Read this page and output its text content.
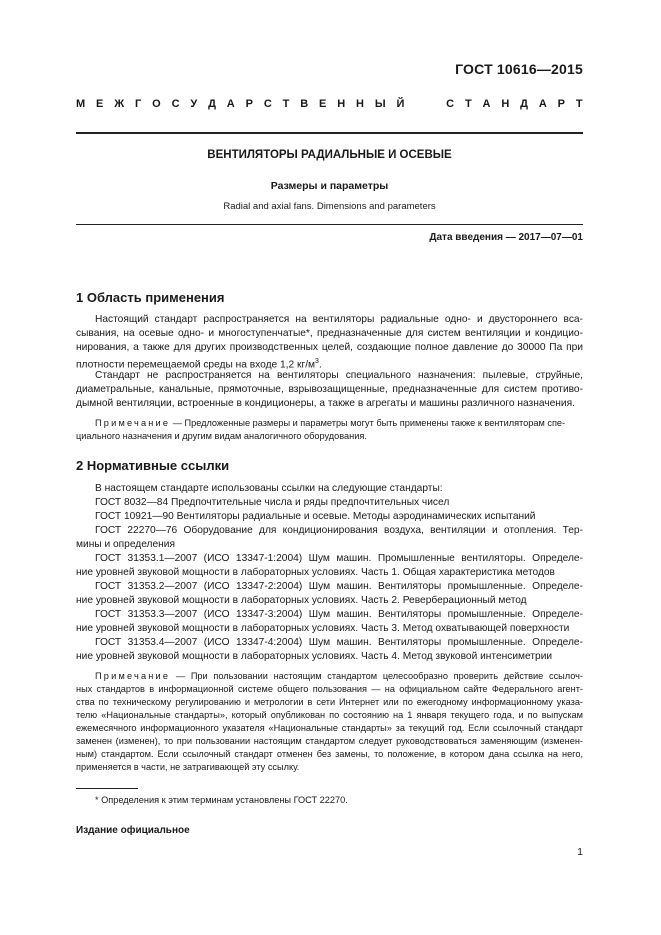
ГОСТ 10616—2015
М Е Ж Г О С У Д А Р С Т В Е Н Н Ы Й	С Т А Н Д А Р Т
ВЕНТИЛЯТОРЫ РАДИАЛЬНЫЕ И ОСЕВЫЕ
Размеры и параметры
Radial and axial fans. Dimensions and parameters
Дата введения — 2017—07—01
1 Область применения
Настоящий стандарт распространяется на вентиляторы радиальные одно- и двустороннего вса-
сывания, на осевые одно- и многоступенчатые*, предназначенные для систем вентиляции и кондицио-
нирования, а также для других производственных целей, создающие полное давление до 30000 Па при
плотности перемещаемой среды на входе 1,2 $кг/м^3$.
Стандарт не распространяется на вентиляторы специального назначения: пылевые, струйные,
диаметральные, канальные, прямоточные, взрывозащищенные, предназначенные для систем противо-
дымной вентиляции, встроенные в кондиционеры, а также в агрегаты и машины различного назначения.
Примечание — Предложенные размеры и параметры могут быть применены также к вентиляторам спе-
циального назначения и другим видам аналогичного оборудования.
2 Нормативные ссылки
В настоящем стандарте использованы ссылки на следующие стандарты:
ГОСТ 8032—84 Предпочтительные числа и ряды предпочтительных чисел
ГОСТ 10921—90 Вентиляторы радиальные и осевые. Методы аэродинамических испытаний
ГОСТ 22270—76 Оборудование для кондиционирования воздуха, вентиляции и отопления. Тер-
мины и определения
ГОСТ 31353.1—2007 (ИСО 13347-1:2004) Шум машин. Промышленные вентиляторы. Определе-
ние уровней звуковой мощности в лабораторных условиях. Часть 1. Общая характеристика методов
ГОСТ 31353.2—2007 (ИСО 13347-2:2004) Шум машин. Вентиляторы промышленные. Определе-
ние уровней звуковой мощности в лабораторных условиях. Часть 2. Реверберационный метод
ГОСТ 31353.3—2007 (ИСО 13347-3:2004) Шум машин. Вентиляторы промышленные. Определе-
ние уровней звуковой мощности в лабораторных условиях. Часть 3. Метод охватывающей поверхности
ГОСТ 31353.4—2007 (ИСО 13347-4:2004) Шум машин. Вентиляторы промышленные. Определе-
ние уровней звуковой мощности в лабораторных условиях. Часть 4. Метод звуковой интенсиметрии
Примечание — При пользовании настоящим стандартом целесообразно проверить действие ссылоч-
ных стандартов в информационной системе общего пользования — на официальном сайте Федерального агент-
ства по техническому регулированию и метрологии в сети Интернет или по ежегодному информационному указа-
телю «Национальные стандарты», который опубликован по состоянию на 1 января текущего года, и по выпускам
ежемесячного информационного указателя «Национальные стандарты» за текущий год. Если ссылочный стандарт
заменен (изменен), то при пользовании настоящим стандартом следует руководствоваться заменяющим (изменен-
ным) стандартом. Если ссылочный стандарт отменен без замены, то положение, в котором дана ссылка на него,
применяется в части, не затрагивающей эту ссылку.
* Определения к этим терминам установлены ГОСТ 22270.
Издание официальное
1
